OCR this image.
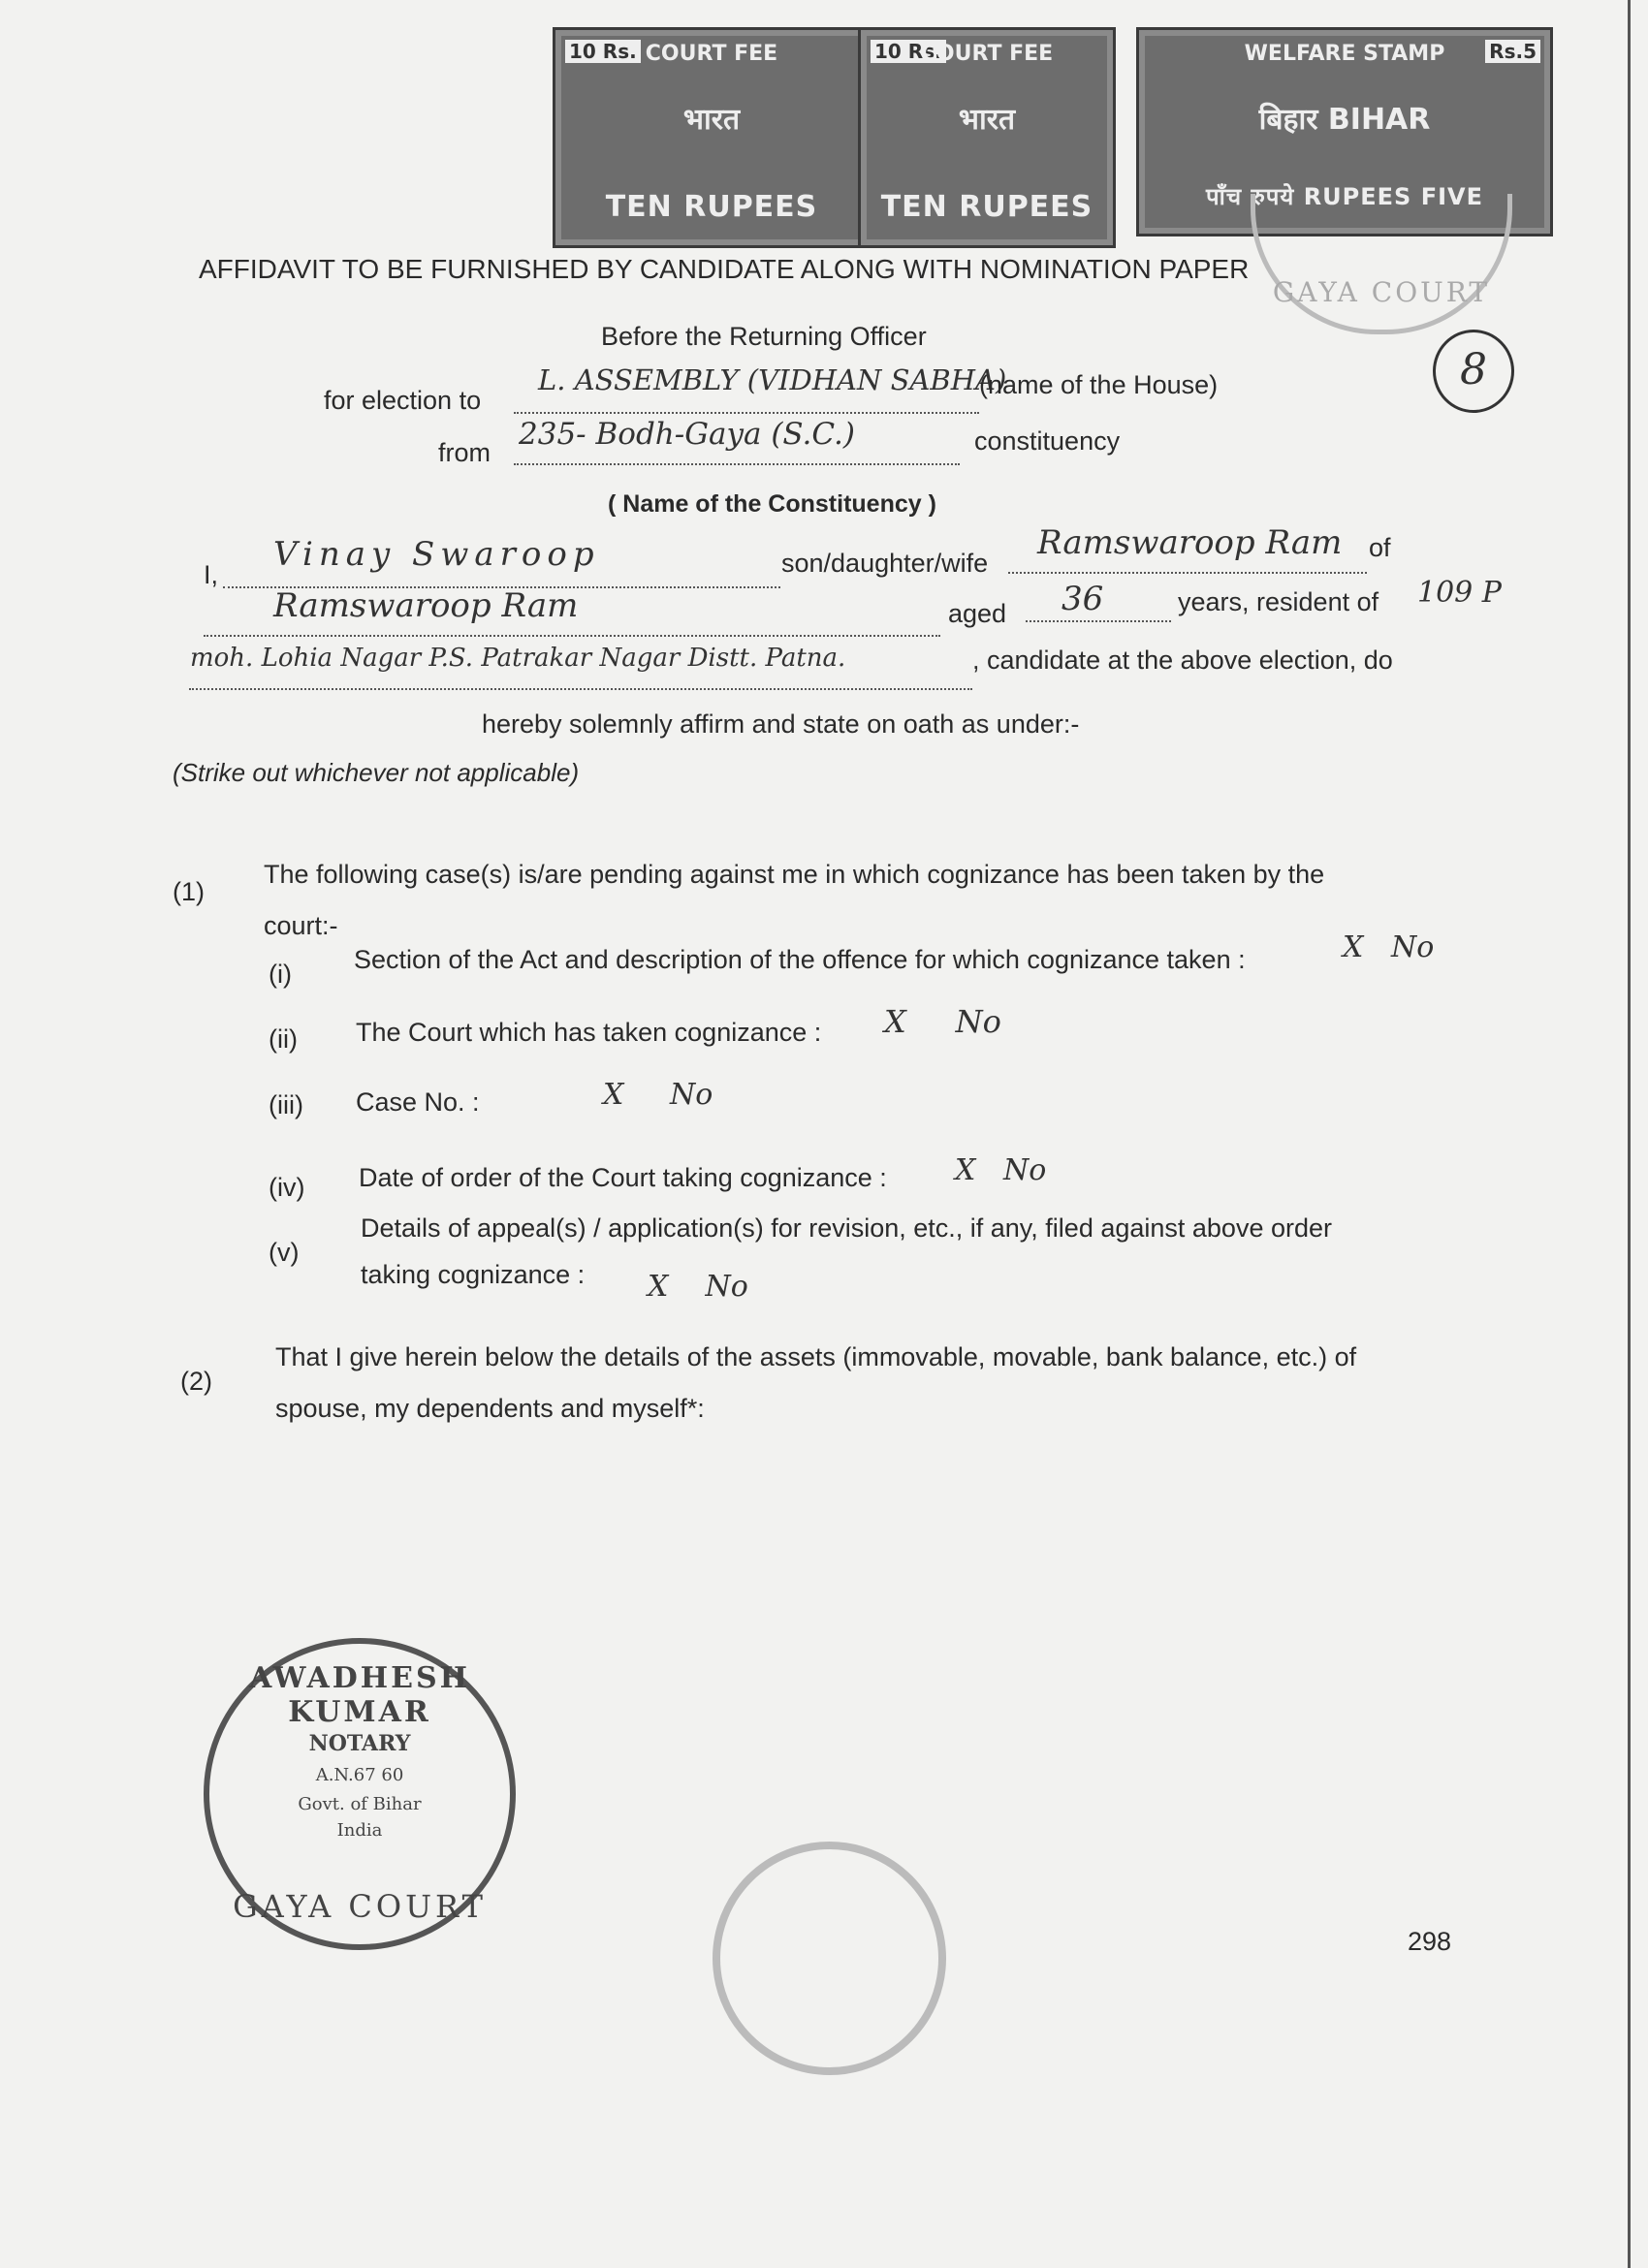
10 Rs. COURT FEE
भारत
TEN RUPEES
10 Rs.
COURT FEE
भारत
TEN RUPEES
Rs.5
WELFARE STAMP
बिहार BIHAR
पाँच रुपये RUPEES FIVE
GAYA COURT
AFFIDAVIT TO BE FURNISHED BY CANDIDATE ALONG WITH NOMINATION PAPER
Before the Returning Officer
for election to
L. ASSEMBLY (VIDHAN SABHA)
(name of the House)
from
235- Bodh-Gaya (S.C.)	constituency
( Name of the Constituency )
8
I,
Vinay Swaroop	son/daughter/wife
Ramswaroop Ram of
Ramswaroop Ram	aged 36	years, resident of 109 P
moh. Lohia Nagar P.S. Patrakar Nagar Distt. Patna.	, candidate at the above election, do
hereby solemnly affirm and state on oath as under:-
(Strike out whichever not applicable)
(1)
The following case(s) is/are pending against me in which cognizance has been taken by the
court:-
(i) Section of the Act and description of the offence for which cognizance taken :	X   No
(ii) The Court which has taken cognizance : X     No
(iii) Case No. :	X     No
(iv) Date of order of the Court taking cognizance : X   No
(v)
Details of appeal(s) / application(s) for revision, etc., if any, filed against above order
taking cognizance : X    No
(2)
That I give herein below the details of the assets (immovable, movable, bank balance, etc.) of
spouse, my dependents and myself*:
AWADHESH KUMAR
NOTARY
A.N.67 60
Govt. of Bihar
India
GAYA COURT
298
